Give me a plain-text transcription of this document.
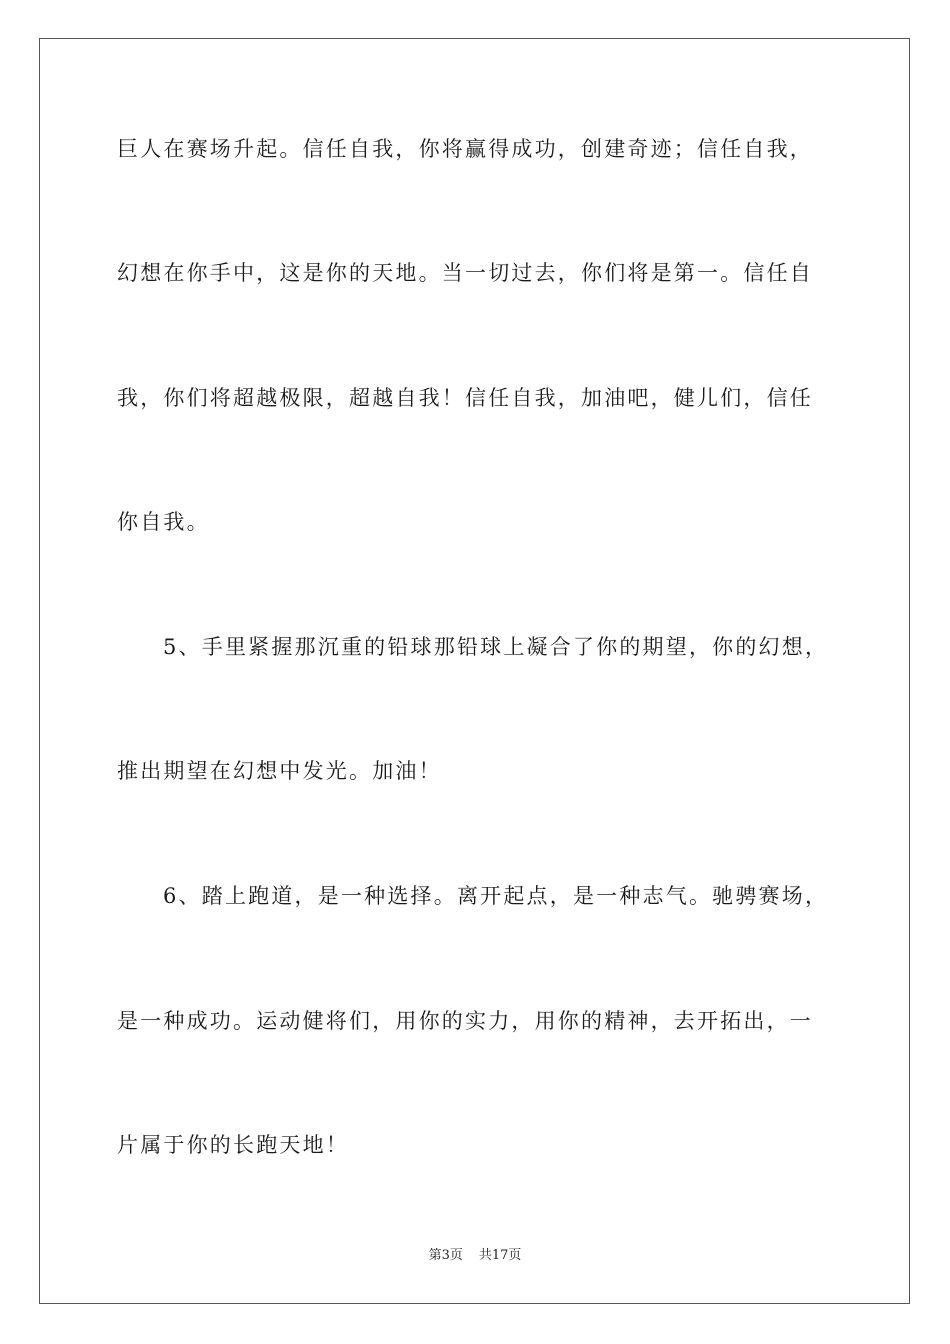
巨人在赛场升起。信任自我，你将赢得成功，创建奇迹；信任自我，

幻想在你手中，这是你的天地。当一切过去，你们将是第一。信任自

我，你们将超越极限，超越自我！信任自我，加油吧，健儿们，信任

你自我。

5、手里紧握那沉重的铅球那铅球上凝合了你的期望，你的幻想，

推出期望在幻想中发光。加油！

6、踏上跑道，是一种选择。离开起点，是一种志气。驰骋赛场，

是一种成功。运动健将们，用你的实力，用你的精神，去开拓出，一

片属于你的长跑天地！

第3页 共17页
